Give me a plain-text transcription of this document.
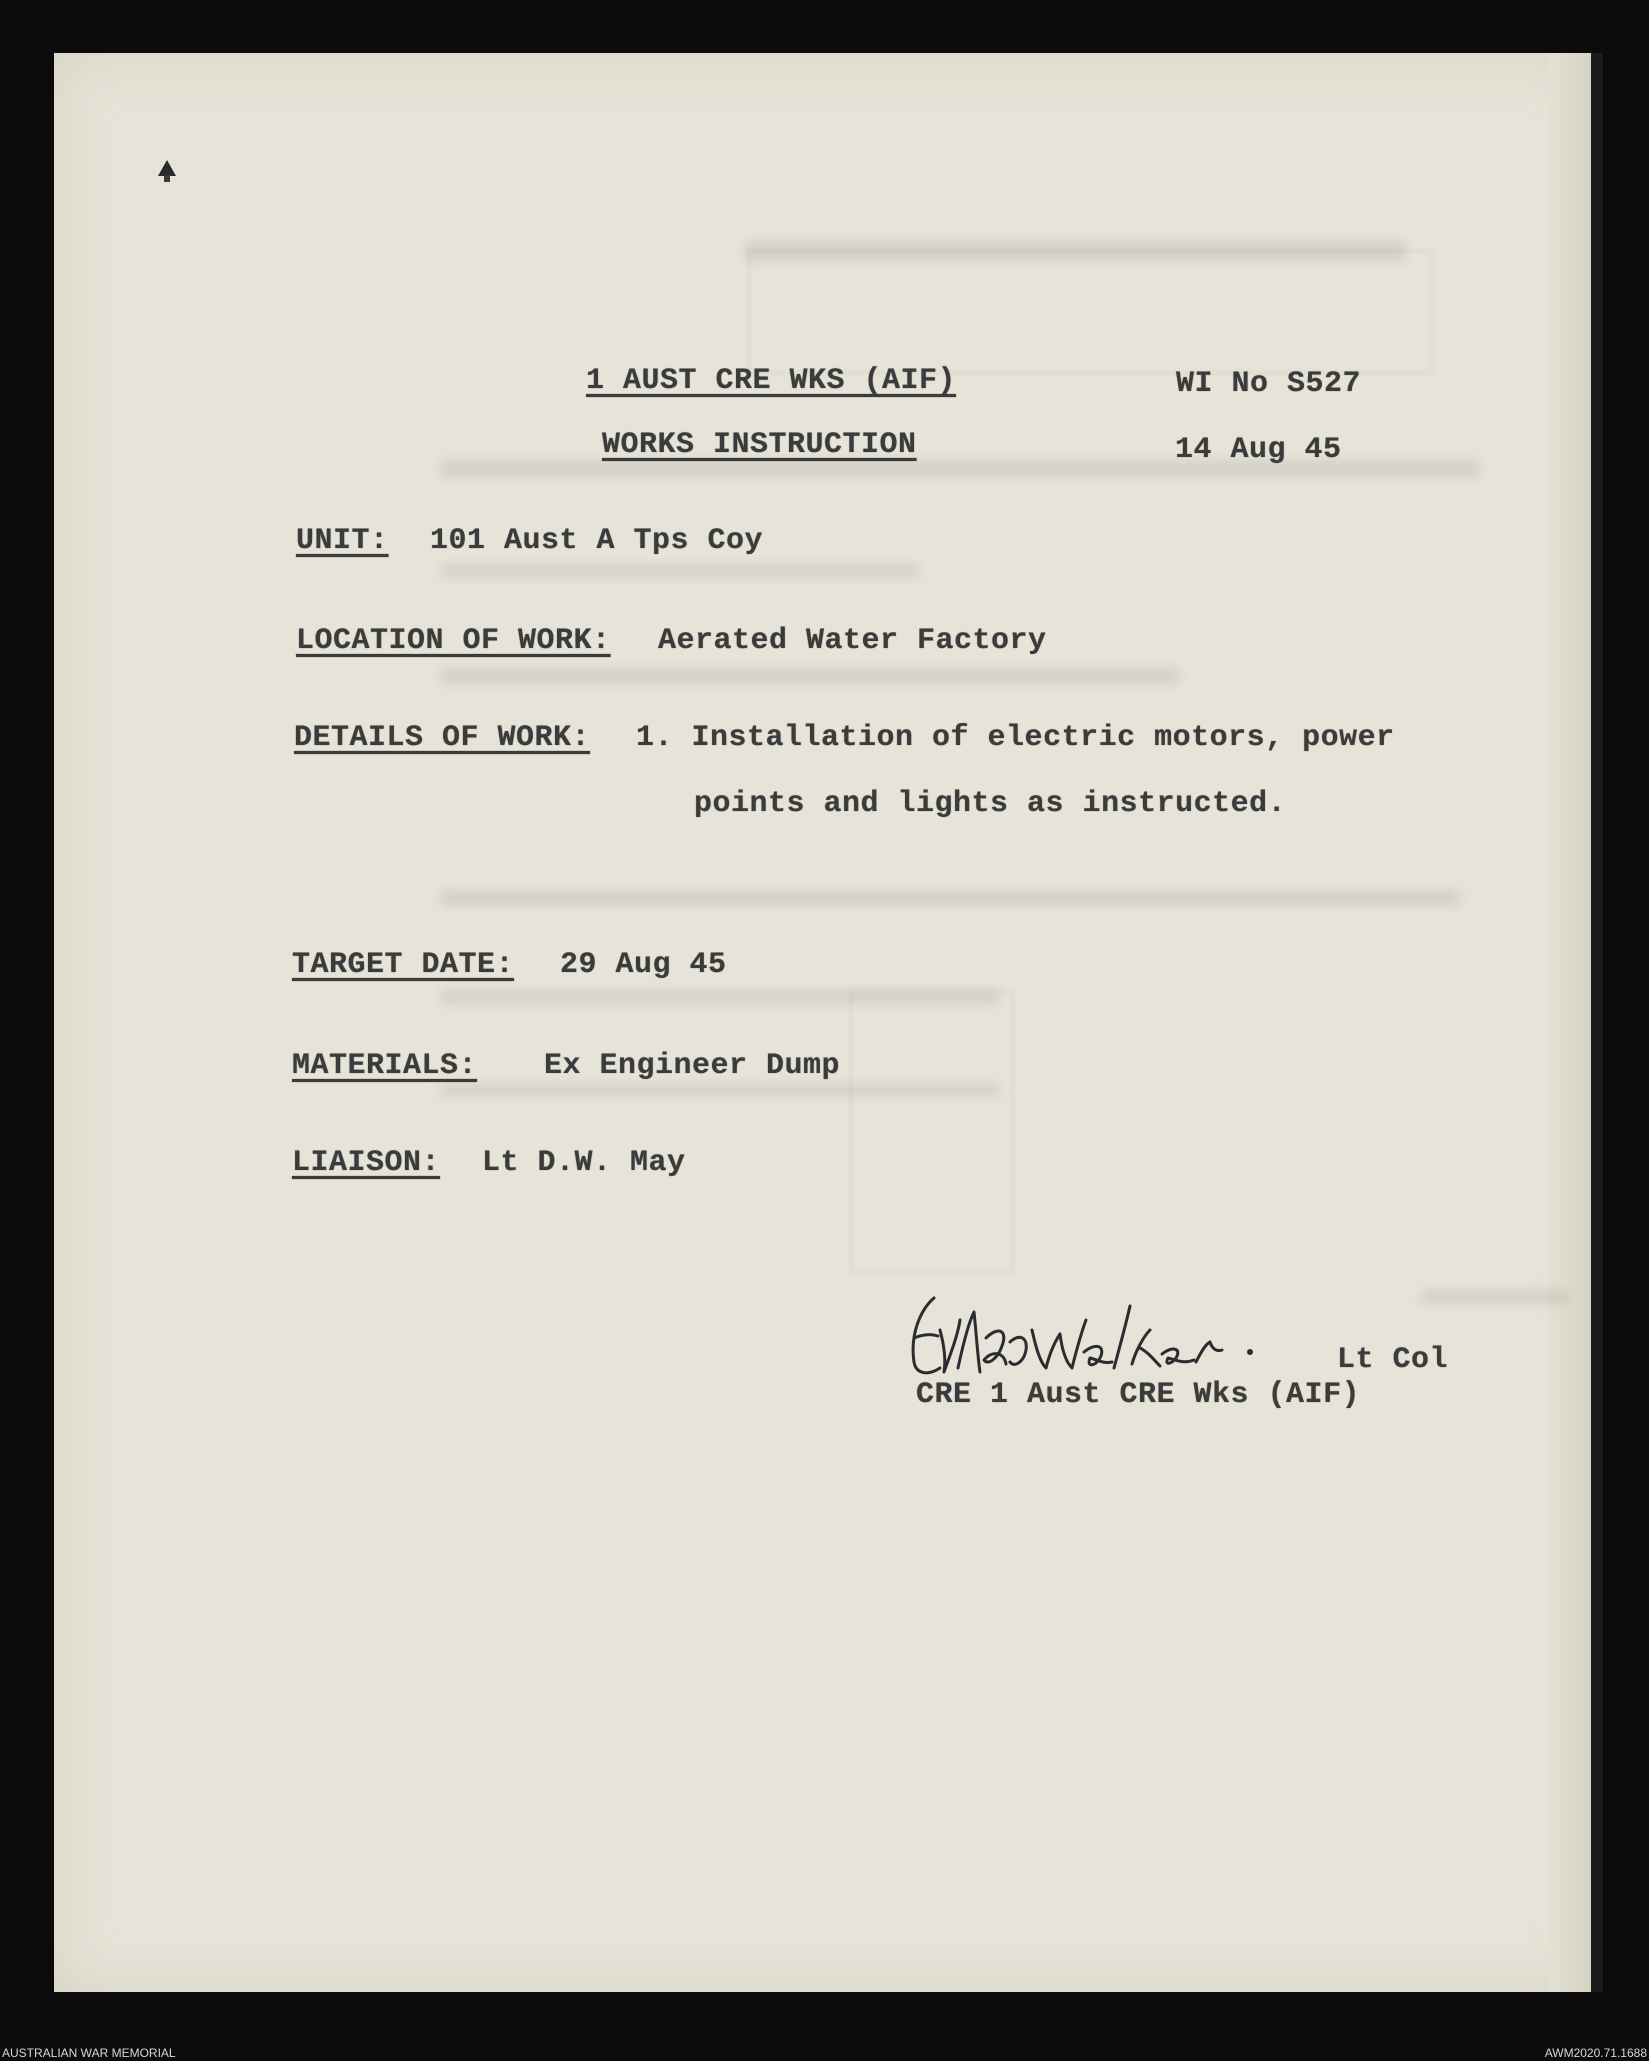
1 AUST CRE WKS (AIF)	WI No S527
WORKS INSTRUCTION	14 Aug 45
UNIT: 101 Aust A Tps Coy
LOCATION OF WORK: Aerated Water Factory
DETAILS OF WORK: 1. Installation of electric motors, power
points and lights as instructed.
TARGET DATE: 29 Aug 45
MATERIALS: Ex Engineer Dump
LIAISON: Lt D.W. May
Lt Col
CRE 1 Aust CRE Wks (AIF)
AUSTRALIAN WAR MEMORIAL	AWM2020.71.1688
